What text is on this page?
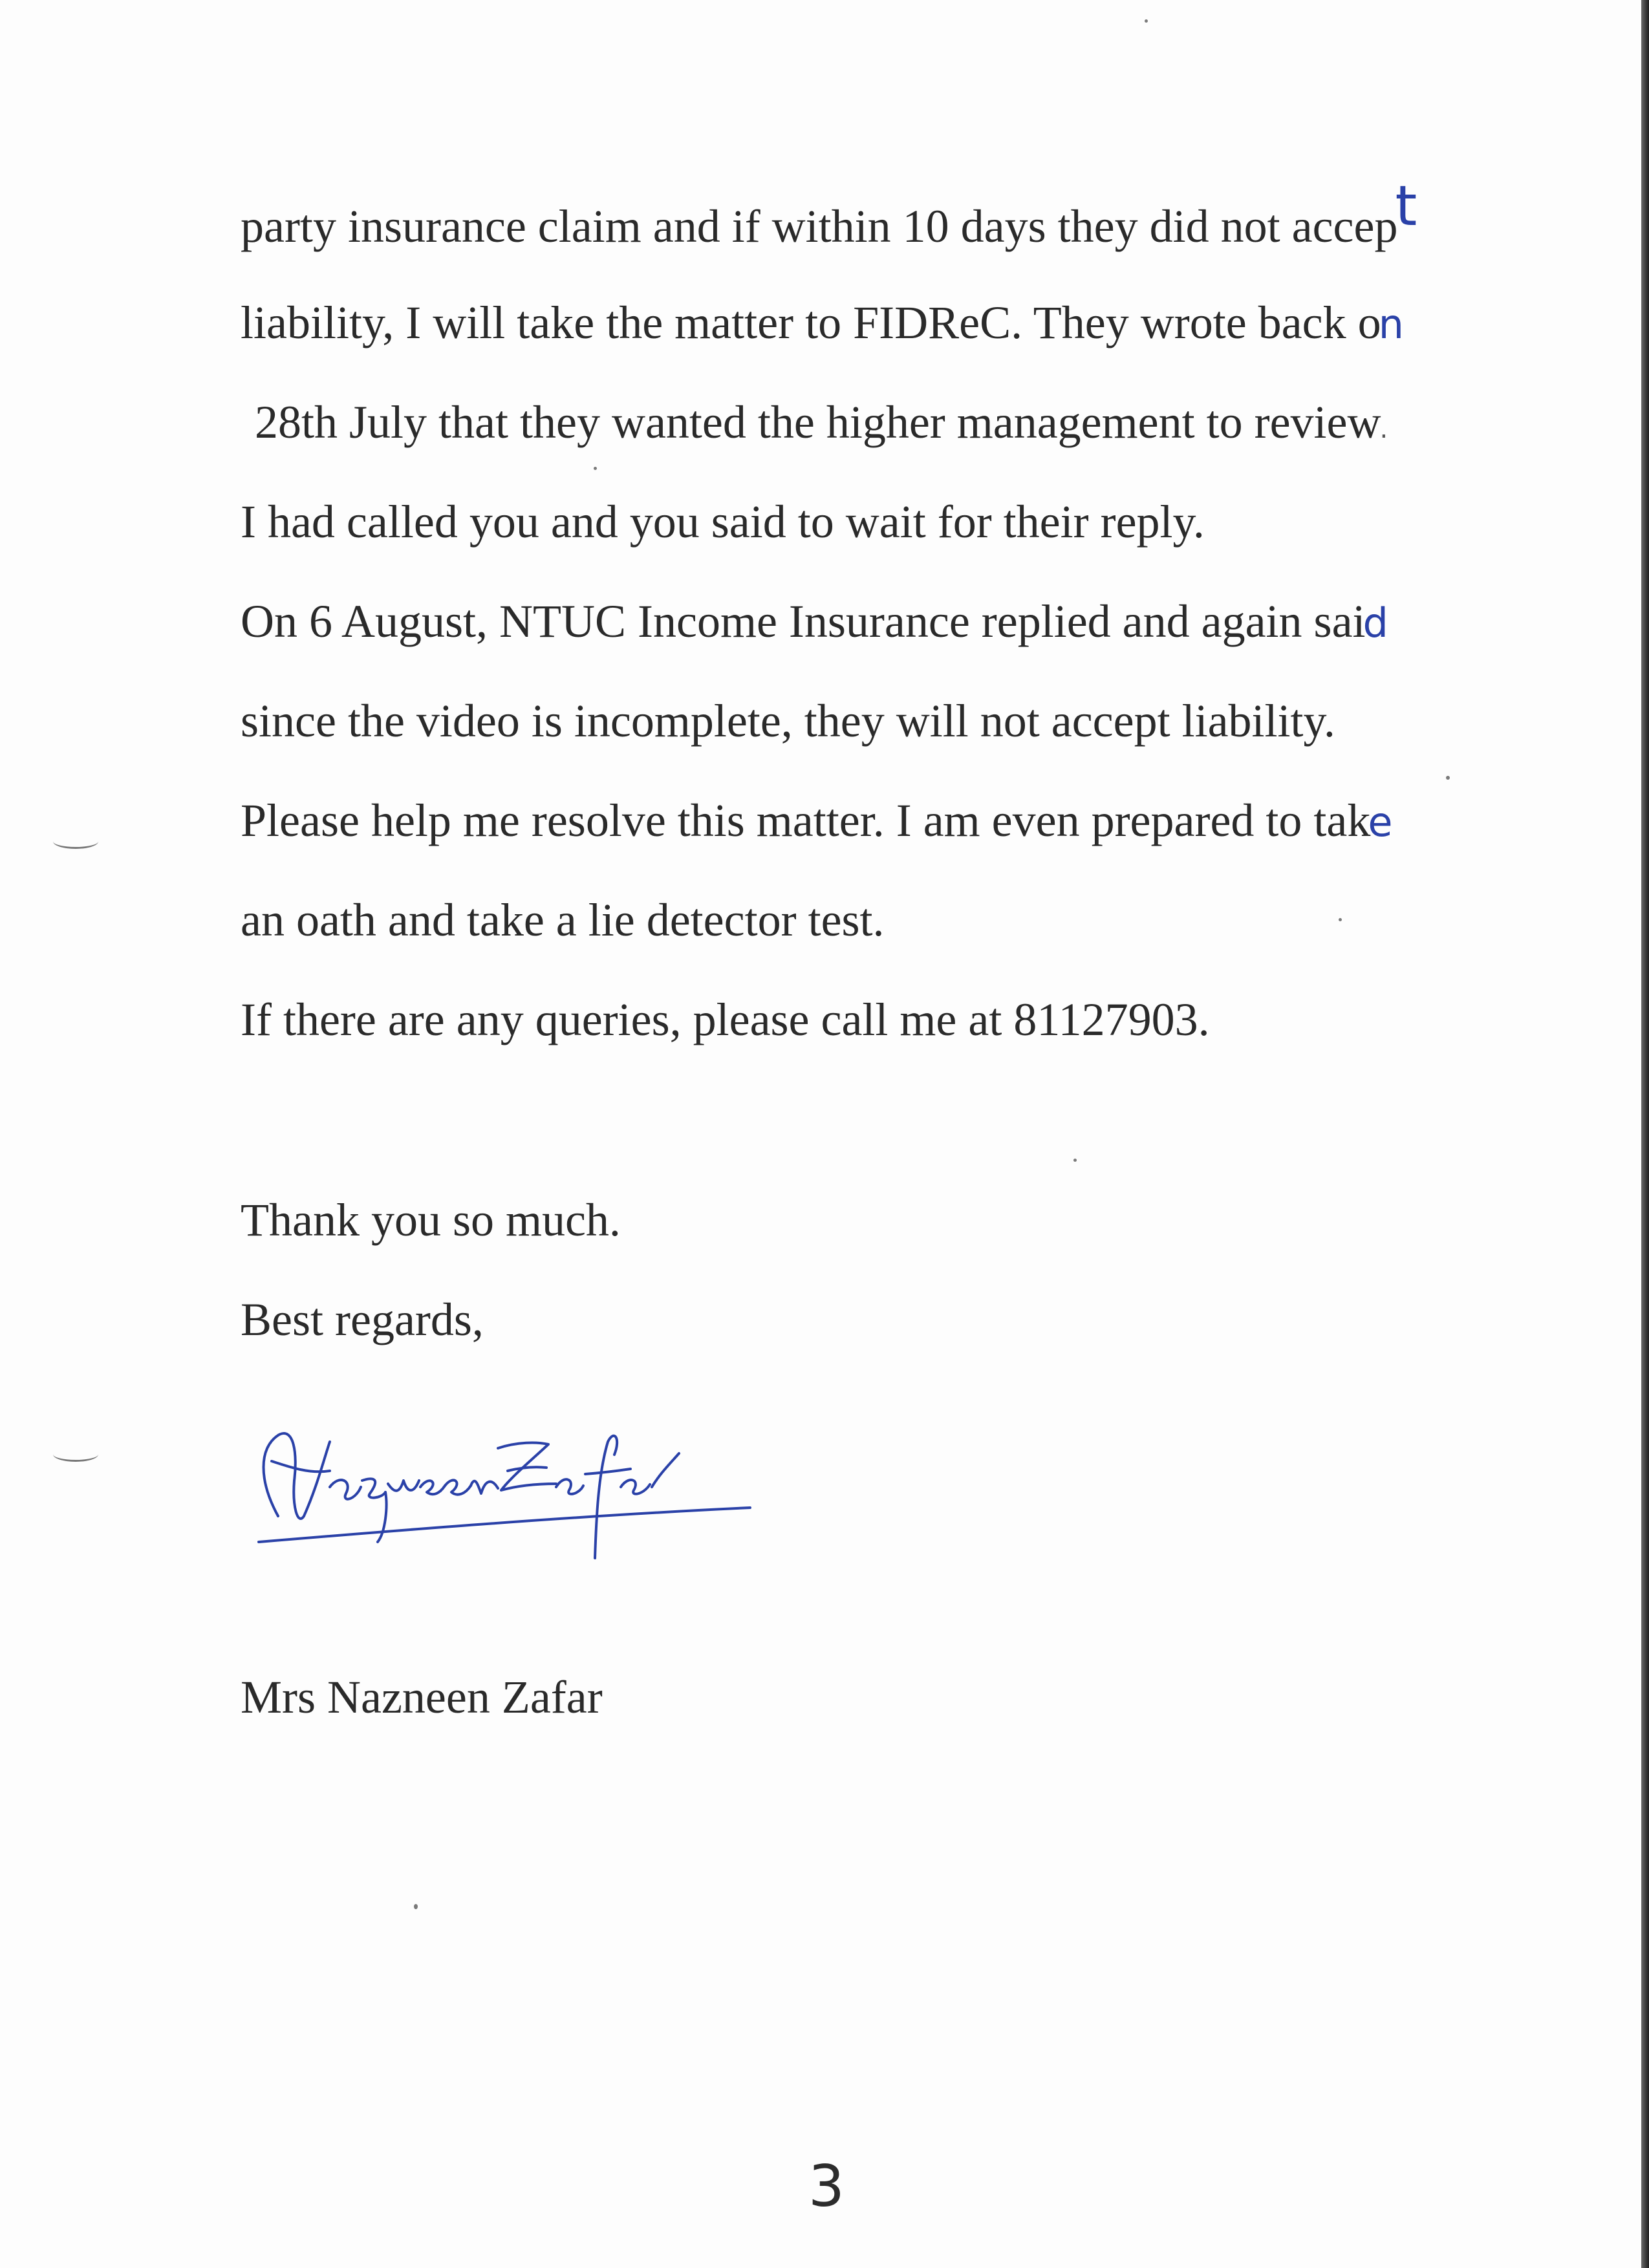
party insurance claim and if within 10 days they did not accept
liability, I will take the matter to FIDReC. They wrote back on
28th July that they wanted the higher management to review.
I had called you and you said to wait for their reply.
On 6 August, NTUC Income Insurance replied and again said
since the video is incomplete, they will not accept liability.
Please help me resolve this matter. I am even prepared to take
an oath and take a lie detector test.
If there are any queries, please call me at 81127903.
Thank you so much.
Best regards,
Mrs Nazneen Zafar
3
